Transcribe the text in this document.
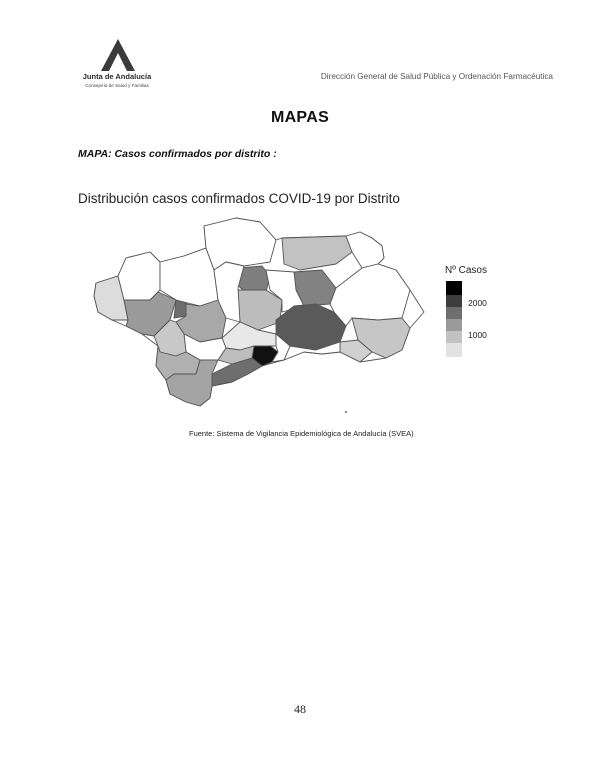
Junta de Andalucía
Consejería de Salud y Familias
Dirección General de Salud Pública y Ordenación Farmacéutica
MAPAS
MAPA: Casos confirmados por distrito :
Distribución casos confirmados COVID-19 por Distrito
Nº Casos
2000
1000
Fuente: Sistema de Vigilancia Epidemiológica de Andalucía (SVEA)
48
